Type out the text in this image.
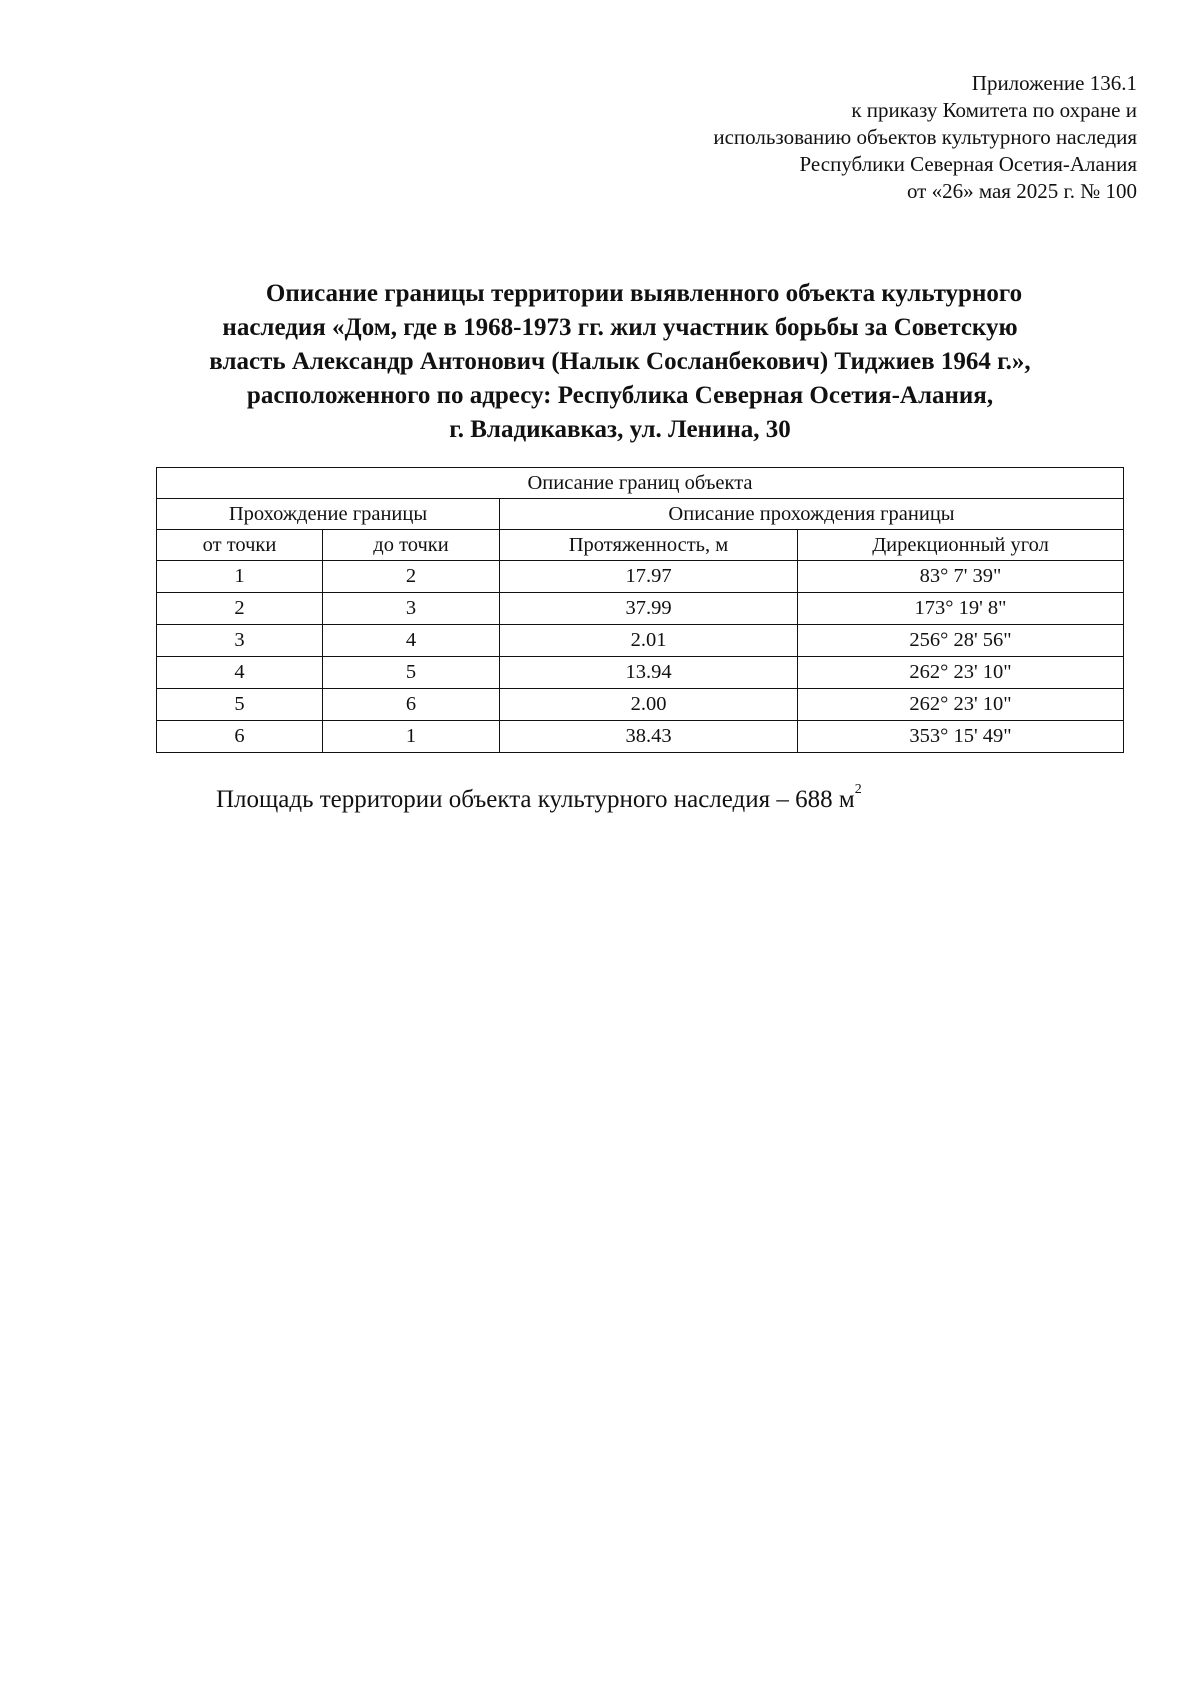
Приложение 136.1
к приказу Комитета по охране и
использованию объектов культурного наследия
Республики Северная Осетия-Алания
от «26» мая 2025 г. № 100
Описание границы территории выявленного объекта культурного
наследия «Дом, где в 1968-1973 гг. жил участник борьбы за Советскую
власть Александр Антонович (Налык Сосланбекович) Тиджиев 1964 г.»,
расположенного по адресу: Республика Северная Осетия-Алания,
г. Владикавказ, ул. Ленина, 30
Описание границ объекта			
Прохождение границы		Описание прохождения границы	
от точки	до точки	Протяженность, м	Дирекционный угол
1	2	17.97	83° 7' 39"
2	3	37.99	173° 19' 8"
3	4	2.01	256° 28' 56"
4	5	13.94	262° 23' 10"
5	6	2.00	262° 23' 10"
6	1	38.43	353° 15' 49"
Площадь территории объекта культурного наследия – 688 $м^2$
